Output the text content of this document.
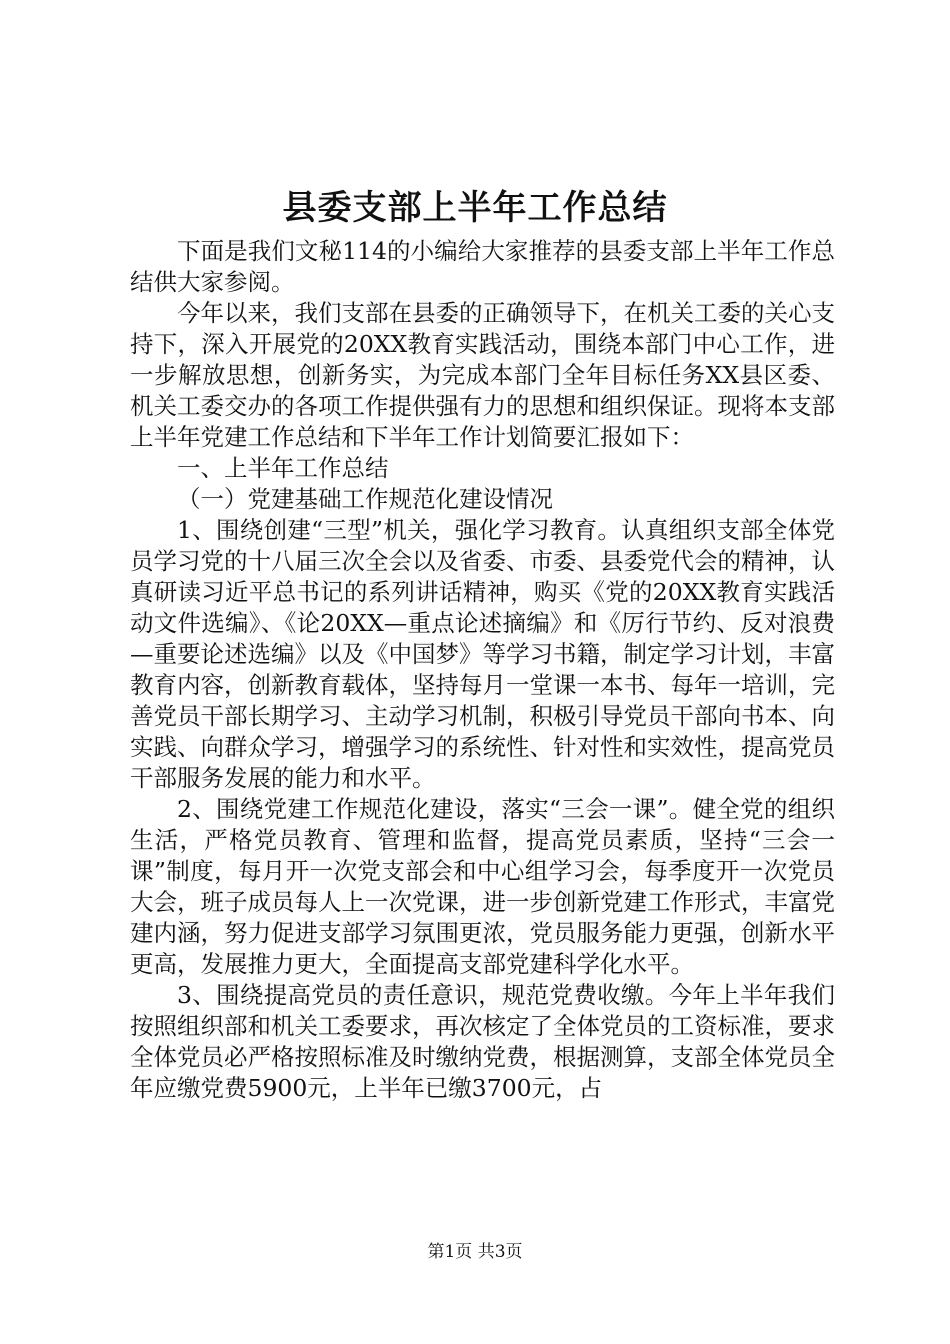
县委支部上半年工作总结

下面是我们文秘114的小编给大家推荐的县委支部上半年工作总结供大家参阅。

今年以来，我们支部在县委的正确领导下，在机关工委的关心支持下，深入开展党的20XX教育实践活动，围绕本部门中心工作，进一步解放思想，创新务实，为完成本部门全年目标任务XX县区委、机关工委交办的各项工作提供强有力的思想和组织保证。现将本支部上半年党建工作总结和下半年工作计划简要汇报如下：

一、上半年工作总结

（一）党建基础工作规范化建设情况

1、围绕创建“三型”机关，强化学习教育。认真组织支部全体党员学习党的十八届三次全会以及省委、市委、县委党代会的精神，认真研读习近平总书记的系列讲话精神，购买《党的20XX教育实践活动文件选编》、《论20XX—重点论述摘编》和《厉行节约、反对浪费—重要论述选编》以及《中国梦》等学习书籍，制定学习计划，丰富教育内容，创新教育载体，坚持每月一堂课一本书、每年一培训，完善党员干部长期学习、主动学习机制，积极引导党员干部向书本、向实践、向群众学习，增强学习的系统性、针对性和实效性，提高党员干部服务发展的能力和水平。

2、围绕党建工作规范化建设，落实“三会一课”。健全党的组织生活，严格党员教育、管理和监督，提高党员素质，坚持“三会一课”制度，每月开一次党支部会和中心组学习会，每季度开一次党员大会，班子成员每人上一次党课，进一步创新党建工作形式，丰富党建内涵，努力促进支部学习氛围更浓，党员服务能力更强，创新水平更高，发展推力更大，全面提高支部党建科学化水平。

3、围绕提高党员的责任意识，规范党费收缴。今年上半年我们按照组织部和机关工委要求，再次核定了全体党员的工资标准，要求全体党员必严格按照标准及时缴纳党费，根据测算，支部全体党员全年应缴党费5900元，上半年已缴3700元，占

第1页 共3页
